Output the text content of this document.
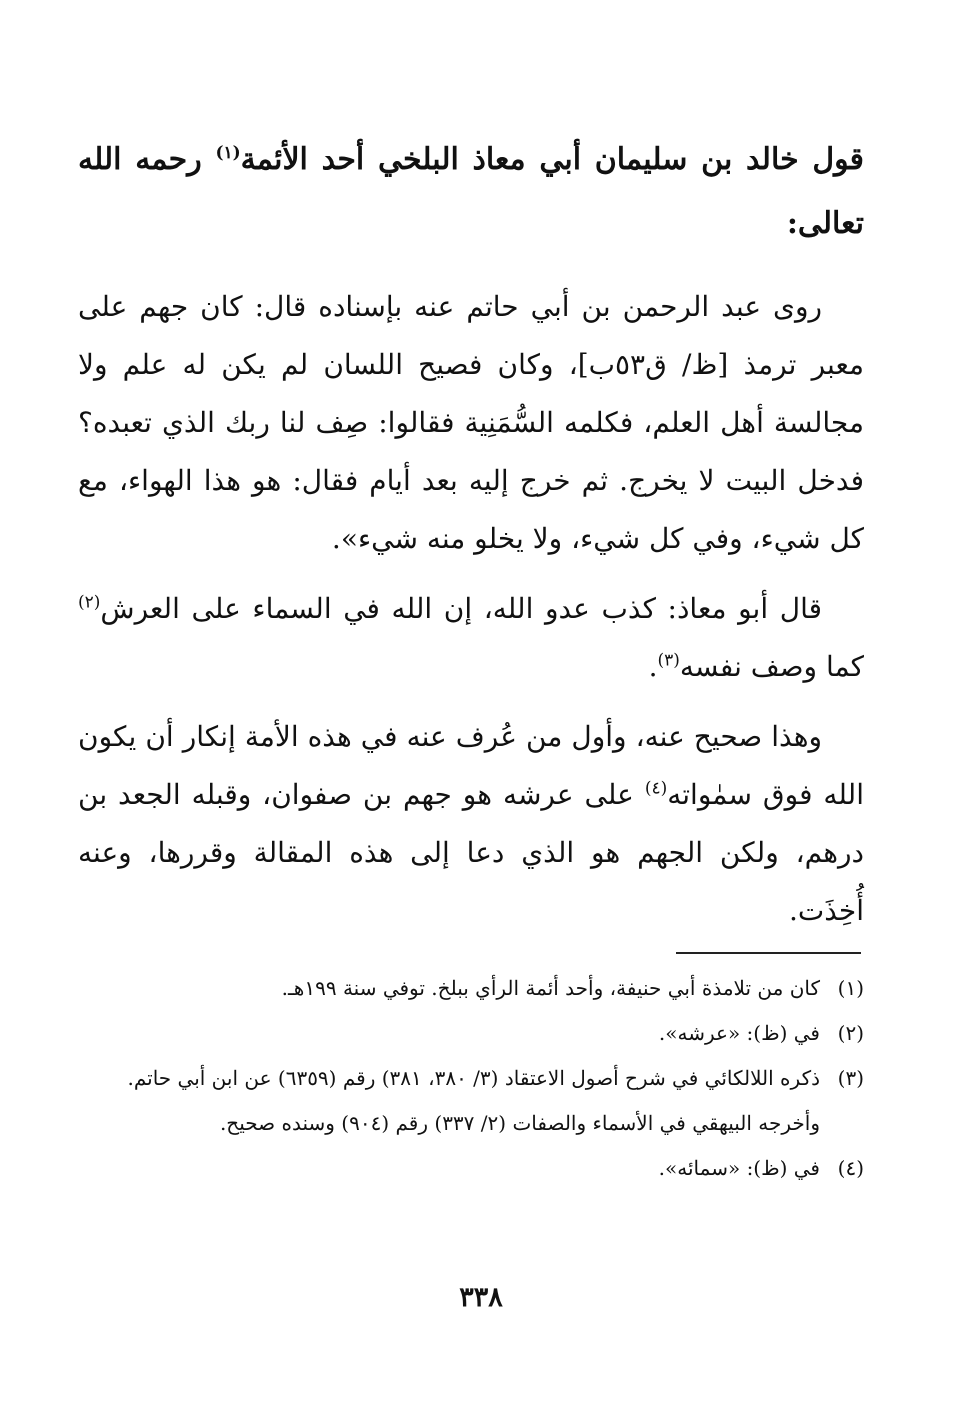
قول خالد بن سليمان أبي معاذ البلخي أحد الأئمة$^{(١)}$ رحمه الله تعالى:

روى عبد الرحمن بن أبي حاتم عنه بإسناده قال: كان جهم على معبر ترمذ [ظ/ ق٥٣ب]، وكان فصيح اللسان لم يكن له علم ولا مجالسة أهل العلم، فكلمه السُّمَنِية فقالوا: صِف لنا ربك الذي تعبده؟ فدخل البيت لا يخرج. ثم خرج إليه بعد أيام فقال: هو هذا الهواء، مع كل شيء، وفي كل شيء، ولا يخلو منه شيء».

قال أبو معاذ: كذب عدو الله، إن الله في السماء على العرش$^{(٢)}$ كما وصف نفسه$^{(٣)}$.

وهذا صحيح عنه، وأول من عُرف عنه في هذه الأمة إنكار أن يكون الله فوق سمٰواته$^{(٤)}$ على عرشه هو جهم بن صفوان، وقبله الجعد بن درهم، ولكن الجهم هو الذي دعا إلى هذه المقالة وقررها، وعنه أُخِذَت.

(١)
كان من تلامذة أبي حنيفة، وأحد أئمة الرأي ببلخ. توفي سنة ١٩٩هـ.
(٢)
في (ظ): «عرشه».
(٣)
ذكره اللالكائي في شرح أصول الاعتقاد (٣/ ٣٨٠، ٣٨١) رقم (٦٣٥٩) عن ابن أبي حاتم.
وأخرجه البيهقي في الأسماء والصفات (٢/ ٣٣٧) رقم (٩٠٤) وسنده صحيح.
(٤)
في (ظ): «سمائه».
٣٣٨
